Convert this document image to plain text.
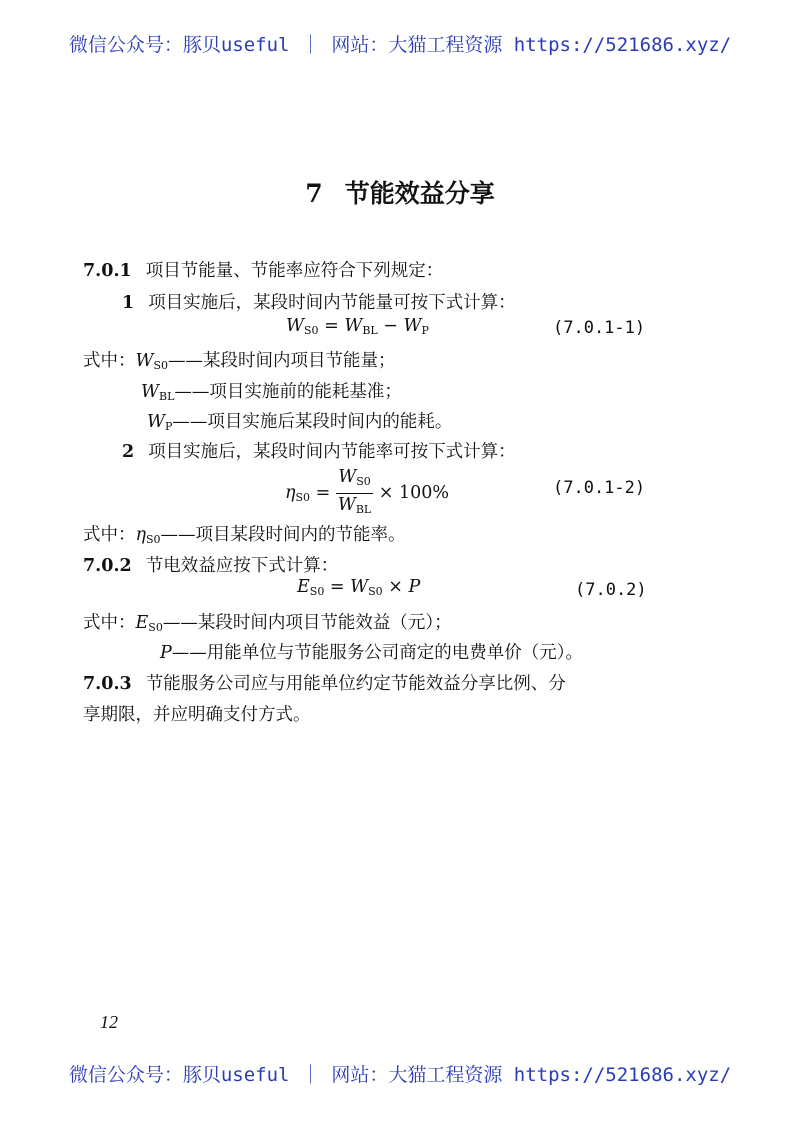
微信公众号：豚贝useful ｜ 网站：大猫工程资源 https://521686.xyz/
7 节能效益分享
7.0.1 项目节能量、节能率应符合下列规定：
1 项目实施后，某段时间内节能量可按下式计算：
$W_{S0} = W_{BL} - W_P$	(7.0.1-1)
式中：$W_{S0}——$某段时间内项目节能量；
$W_{BL}——$项目实施前的能耗基准；
$W_P——$项目实施后某段时间内的能耗。
2 项目实施后，某段时间内节能率可按下式计算：
$\eta_{S0} = \frac{W_{S0}}{W_{BL}} \times 100\%$	(7.0.1-2)
式中：$\eta_{S0}——$项目某段时间内的节能率。
7.0.2 节电效益应按下式计算：
$E_{S0} = W_{S0} \times P$	(7.0.2)
式中：$E_{S0}——$某段时间内项目节能效益（元）；
P——用能单位与节能服务公司商定的电费单价（元）。
7.0.3 节能服务公司应与用能单位约定节能效益分享比例、分
享期限，并应明确支付方式。
12
微信公众号：豚贝useful ｜ 网站：大猫工程资源 https://521686.xyz/
